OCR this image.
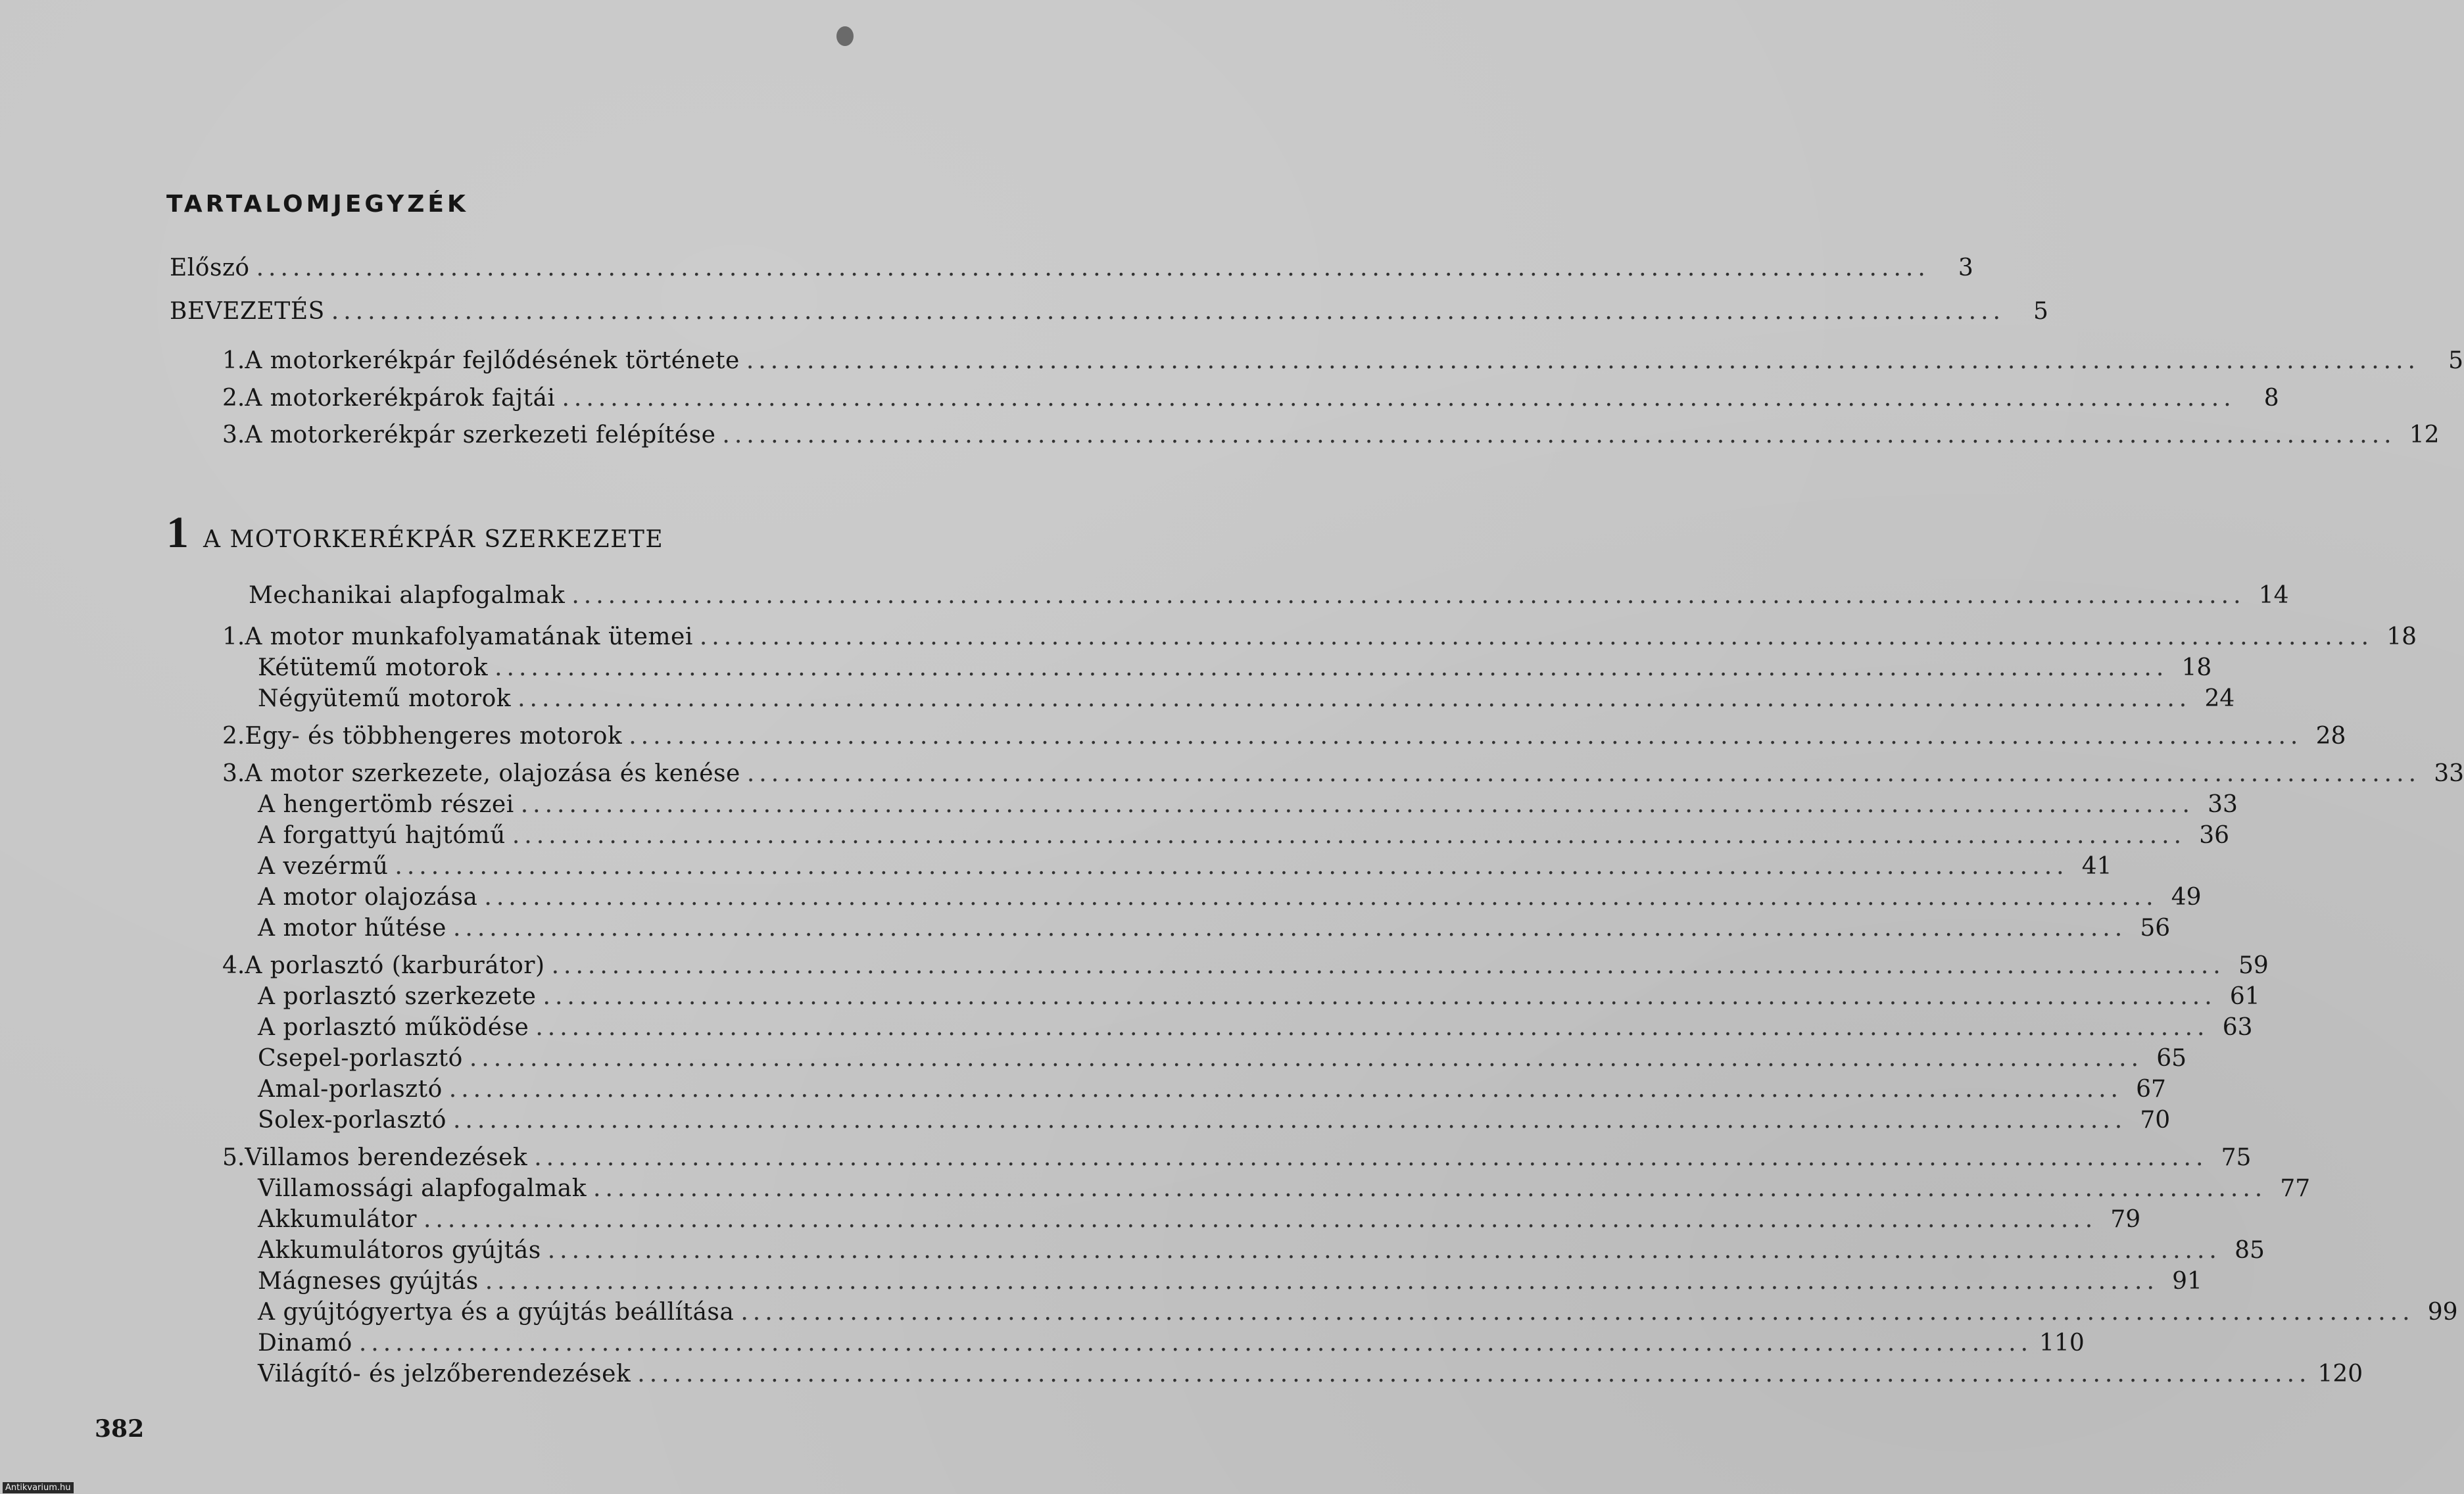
TARTALOMJEGYZÉK
Előszó ..........................................................................................................................................	3
BEVEZETÉS ..........................................................................................................................................	5
1. A motorkerékpár fejlődésének története ..........................................................................................................................................	5
2. A motorkerékpárok fajtái ..........................................................................................................................................	8
3. A motorkerékpár szerkezeti felépítése .......................................................................................................................................... 12
1 A MOTORKERÉKPÁR SZERKEZETE
Mechanikai alapfogalmak .......................................................................................................................................... 14
1. A motor munkafolyamatának ütemei .......................................................................................................................................... 18
Kétütemű motorok .......................................................................................................................................... 18
Négyütemű motorok .......................................................................................................................................... 24
2. Egy- és többhengeres motorok .......................................................................................................................................... 28
3. A motor szerkezete, olajozása és kenése .......................................................................................................................................... 33
A hengertömb részei .......................................................................................................................................... 33
A forgattyú hajtómű .......................................................................................................................................... 36
A vezérmű .......................................................................................................................................... 41
A motor olajozása .......................................................................................................................................... 49
A motor hűtése .......................................................................................................................................... 56
4. A porlasztó (karburátor) .......................................................................................................................................... 59
A porlasztó szerkezete .......................................................................................................................................... 61
A porlasztó működése .......................................................................................................................................... 63
Csepel-porlasztó .......................................................................................................................................... 65
Amal-porlasztó .......................................................................................................................................... 67
Solex-porlasztó .......................................................................................................................................... 70
5. Villamos berendezések .......................................................................................................................................... 75
Villamossági alapfogalmak .......................................................................................................................................... 77
Akkumulátor .......................................................................................................................................... 79
Akkumulátoros gyújtás .......................................................................................................................................... 85
Mágneses gyújtás .......................................................................................................................................... 91
A gyújtógyertya és a gyújtás beállítása .......................................................................................................................................... 99
Dinamó .......................................................................................................................................... 110
Világító- és jelzőberendezések .......................................................................................................................................... 120
382
Antikvarium.hu
